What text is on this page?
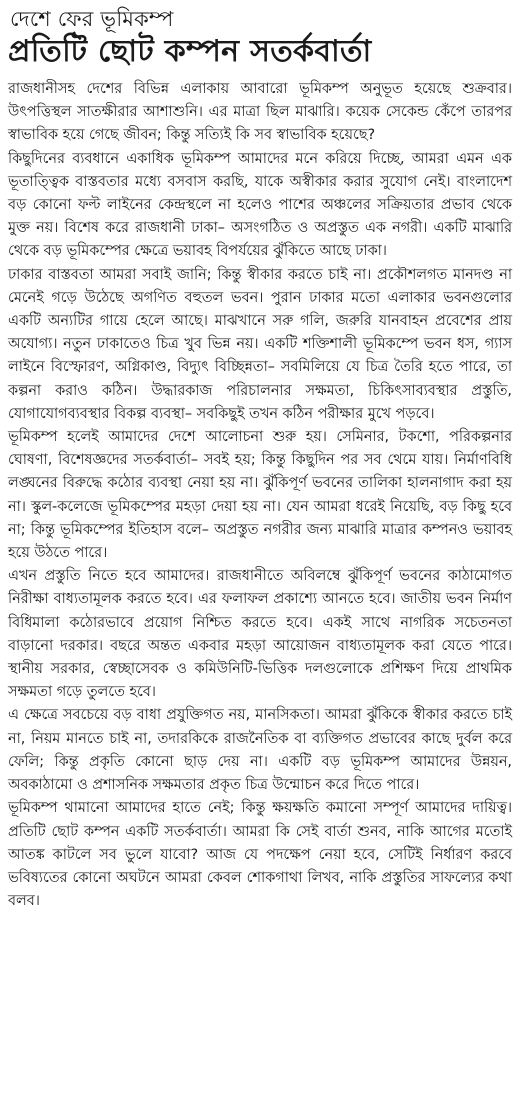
দেশে ফের ভূমিকম্প
প্রতিটি ছোট কম্পন সতর্কবার্তা

রাজধানীসহ দেশের বিভিন্ন এলাকায় আবারো ভূমিকম্প অনুভূত হয়েছে শুক্রবার। উৎপত্তিস্থল সাতক্ষীরার আশাশুনি। এর মাত্রা ছিল মাঝারি। কয়েক সেকেন্ড কেঁপে তারপর স্বাভাবিক হয়ে গেছে জীবন; কিন্তু সত্যিই কি সব স্বাভাবিক হয়েছে?

কিছুদিনের ব্যবধানে একাধিক ভূমিকম্প আমাদের মনে করিয়ে দিচ্ছে, আমরা এমন এক ভূতাত্ত্বিক বাস্তবতার মধ্যে বসবাস করছি, যাকে অস্বীকার করার সুযোগ নেই। বাংলাদেশ বড় কোনো ফল্ট লাইনের কেন্দ্রস্থলে না হলেও পাশের অঞ্চলের সক্রিয়তার প্রভাব থেকে মুক্ত নয়। বিশেষ করে রাজধানী ঢাকা– অসংগঠিত ও অপ্রস্তুত এক নগরী। একটি মাঝারি থেকে বড় ভূমিকম্পের ক্ষেত্রে ভয়াবহ বিপর্যয়ের ঝুঁকিতে আছে ঢাকা।

ঢাকার বাস্তবতা আমরা সবাই জানি; কিন্তু স্বীকার করতে চাই না। প্রকৌশলগত মানদণ্ড না মেনেই গড়ে উঠেছে অগণিত বহুতল ভবন। পুরান ঢাকার মতো এলাকার ভবনগুলোর একটি অন্যটির গায়ে হেলে আছে। মাঝখানে সরু গলি, জরুরি যানবাহন প্রবেশের প্রায় অযোগ্য। নতুন ঢাকাতেও চিত্র খুব ভিন্ন নয়। একটি শক্তিশালী ভূমিকম্পে ভবন ধস, গ্যাস লাইনে বিস্ফোরণ, অগ্নিকাণ্ড, বিদ্যুৎ বিচ্ছিন্নতা– সবমিলিয়ে যে চিত্র তৈরি হতে পারে, তা কল্পনা করাও কঠিন। উদ্ধারকাজ পরিচালনার সক্ষমতা, চিকিৎসাব্যবস্থার প্রস্তুতি, যোগাযোগব্যবস্থার বিকল্প ব্যবস্থা– সবকিছুই তখন কঠিন পরীক্ষার মুখে পড়বে।

ভূমিকম্প হলেই আমাদের দেশে আলোচনা শুরু হয়। সেমিনার, টকশো, পরিকল্পনার ঘোষণা, বিশেষজ্ঞদের সতর্কবার্তা– সবই হয়; কিন্তু কিছুদিন পর সব থেমে যায়। নির্মাণবিধি লঙ্ঘনের বিরুদ্ধে কঠোর ব্যবস্থা নেয়া হয় না। ঝুঁকিপূর্ণ ভবনের তালিকা হালনাগাদ করা হয় না। স্কুল-কলেজে ভূমিকম্পের মহড়া দেয়া হয় না। যেন আমরা ধরেই নিয়েছি, বড় কিছু হবে না; কিন্তু ভূমিকম্পের ইতিহাস বলে– অপ্রস্তুত নগরীর জন্য মাঝারি মাত্রার কম্পনও ভয়াবহ হয়ে উঠতে পারে।

এখন প্রস্তুতি নিতে হবে আমাদের। রাজধানীতে অবিলম্বে ঝুঁকিপূর্ণ ভবনের কাঠামোগত নিরীক্ষা বাধ্যতামূলক করতে হবে। এর ফলাফল প্রকাশ্যে আনতে হবে। জাতীয় ভবন নির্মাণ বিধিমালা কঠোরভাবে প্রয়োগ নিশ্চিত করতে হবে। একই সাথে নাগরিক সচেতনতা বাড়ানো দরকার। বছরে অন্তত একবার মহড়া আয়োজন বাধ্যতামূলক করা যেতে পারে। স্থানীয় সরকার, স্বেচ্ছাসেবক ও কমিউনিটি-ভিত্তিক দলগুলোকে প্রশিক্ষণ দিয়ে প্রাথমিক সক্ষমতা গড়ে তুলতে হবে।

এ ক্ষেত্রে সবচেয়ে বড় বাধা প্রযুক্তিগত নয়, মানসিকতা। আমরা ঝুঁকিকে স্বীকার করতে চাই না, নিয়ম মানতে চাই না, তদারকিকে রাজনৈতিক বা ব্যক্তিগত প্রভাবের কাছে দুর্বল করে ফেলি; কিন্তু প্রকৃতি কোনো ছাড় দেয় না। একটি বড় ভূমিকম্প আমাদের উন্নয়ন, অবকাঠামো ও প্রশাসনিক সক্ষমতার প্রকৃত চিত্র উন্মোচন করে দিতে পারে।

ভূমিকম্প থামানো আমাদের হাতে নেই; কিন্তু ক্ষয়ক্ষতি কমানো সম্পূর্ণ আমাদের দায়িত্ব। প্রতিটি ছোট কম্পন একটি সতর্কবার্তা। আমরা কি সেই বার্তা শুনব, নাকি আগের মতোই আতঙ্ক কাটলে সব ভুলে যাবো? আজ যে পদক্ষেপ নেয়া হবে, সেটিই নির্ধারণ করবে ভবিষ্যতের কোনো অঘটনে আমরা কেবল শোকগাথা লিখব, নাকি প্রস্তুতির সাফল্যের কথা বলব।
